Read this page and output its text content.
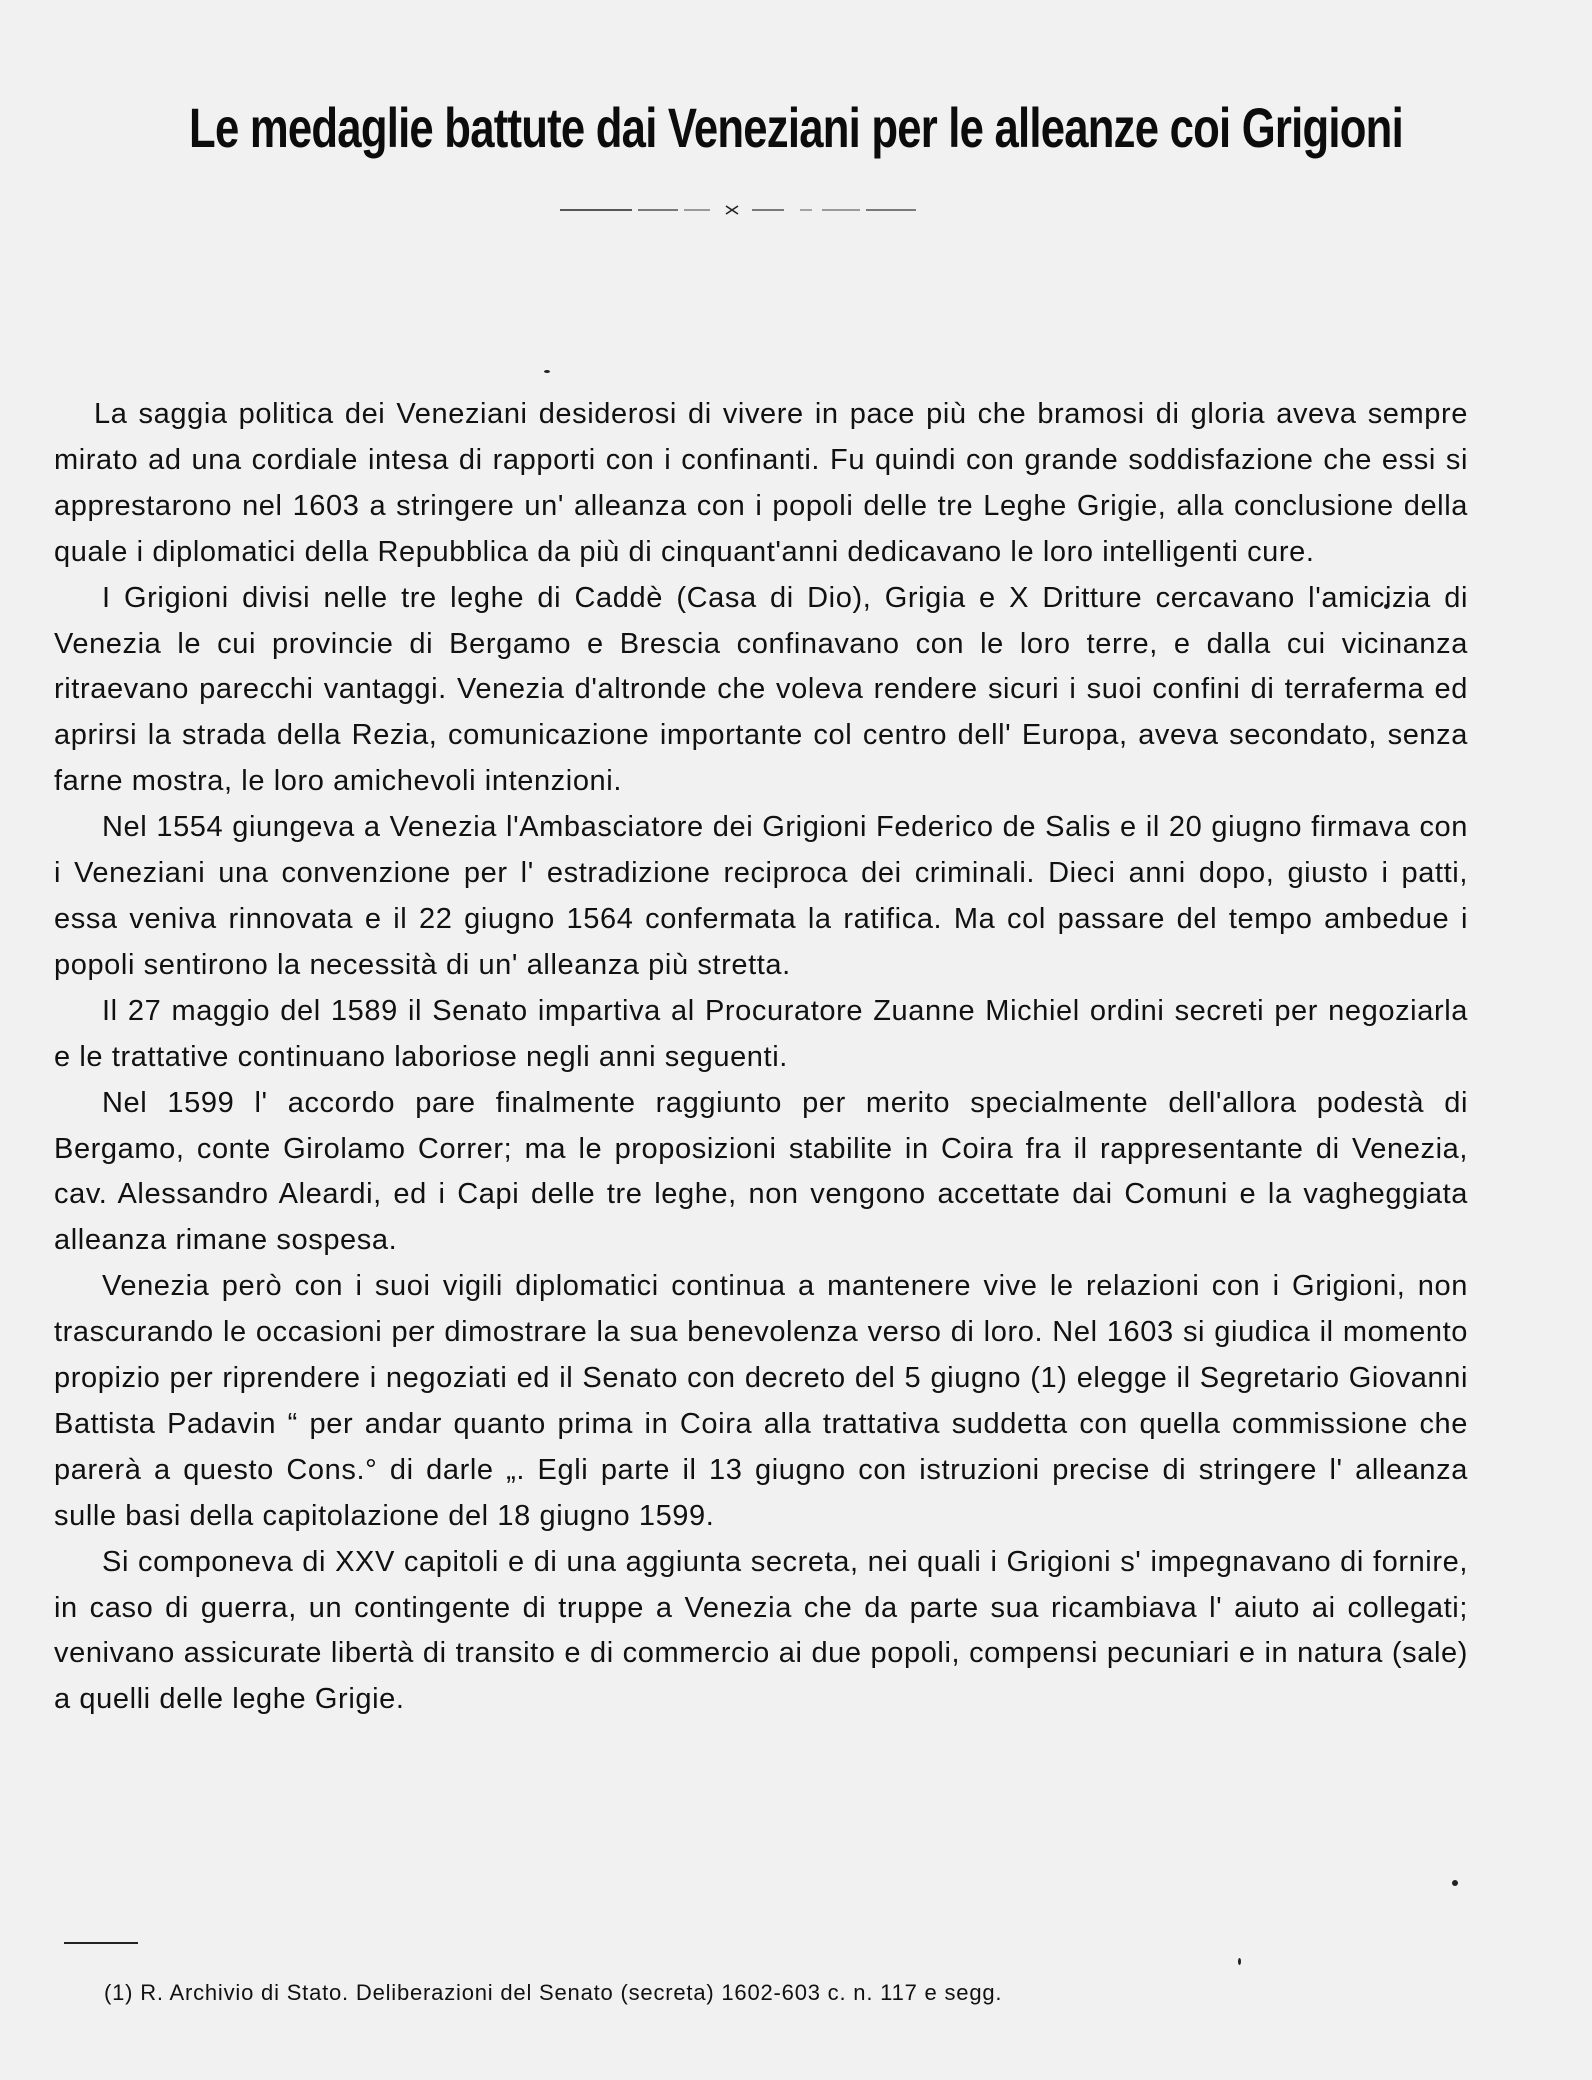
Le medaglie battute dai Veneziani per le alleanze coi Grigioni

La saggia politica dei Veneziani desiderosi di vivere in pace più che bramosi di gloria aveva sempre mirato ad una cordiale intesa di rapporti con i confinanti. Fu quindi con grande soddisfazione che essi si apprestarono nel 1603 a stringere un' alleanza con i popoli delle tre Leghe Grigie, alla conclusione della quale i diplomatici della Repubblica da più di cinquant'anni dedicavano le loro intelligenti cure.

I Grigioni divisi nelle tre leghe di Caddè (Casa di Dio), Grigia e X Dritture cercavano l'amicizia di Venezia le cui provincie di Bergamo e Brescia confinavano con le loro terre, e dalla cui vicinanza ritraevano parecchi vantaggi. Venezia d'altronde che voleva rendere sicuri i suoi confini di terraferma ed aprirsi la strada della Rezia, comunicazione importante col centro dell' Europa, aveva secondato, senza farne mostra, le loro amichevoli intenzioni.

Nel 1554 giungeva a Venezia l'Ambasciatore dei Grigioni Federico de Salis e il 20 giugno firmava con i Veneziani una convenzione per l' estradizione reciproca dei criminali. Dieci anni dopo, giusto i patti, essa veniva rinnovata e il 22 giugno 1564 confermata la ratifica. Ma col passare del tempo ambedue i popoli sentirono la necessità di un' alleanza più stretta.

Il 27 maggio del 1589 il Senato impartiva al Procuratore Zuanne Michiel ordini secreti per negoziarla e le trattative continuano laboriose negli anni seguenti.

Nel 1599 l' accordo pare finalmente raggiunto per merito specialmente dell'allora podestà di Bergamo, conte Girolamo Correr; ma le proposizioni stabilite in Coira fra il rappresentante di Venezia, cav. Alessandro Aleardi, ed i Capi delle tre leghe, non vengono accettate dai Comuni e la vagheggiata alleanza rimane sospesa.

Venezia però con i suoi vigili diplomatici continua a mantenere vive le relazioni con i Grigioni, non trascurando le occasioni per dimostrare la sua benevolenza verso di loro. Nel 1603 si giudica il momento propizio per riprendere i negoziati ed il Senato con decreto del 5 giugno (1) elegge il Segretario Giovanni Battista Padavin “ per andar quanto prima in Coira alla trattativa suddetta con quella commissione che parerà a questo Cons.° di darle „. Egli parte il 13 giugno con istruzioni precise di stringere l' alleanza sulle basi della capitolazione del 18 giugno 1599.

Si componeva di XXV capitoli e di una aggiunta secreta, nei quali i Grigioni s' impegnavano di fornire, in caso di guerra, un contingente di truppe a Venezia che da parte sua ricambiava l' aiuto ai collegati; venivano assicurate libertà di transito e di commercio ai due popoli, compensi pecuniari e in natura (sale) a quelli delle leghe Grigie.

(1) R. Archivio di Stato. Deliberazioni del Senato (secreta) 1602-603 c. n. 117 e segg.
